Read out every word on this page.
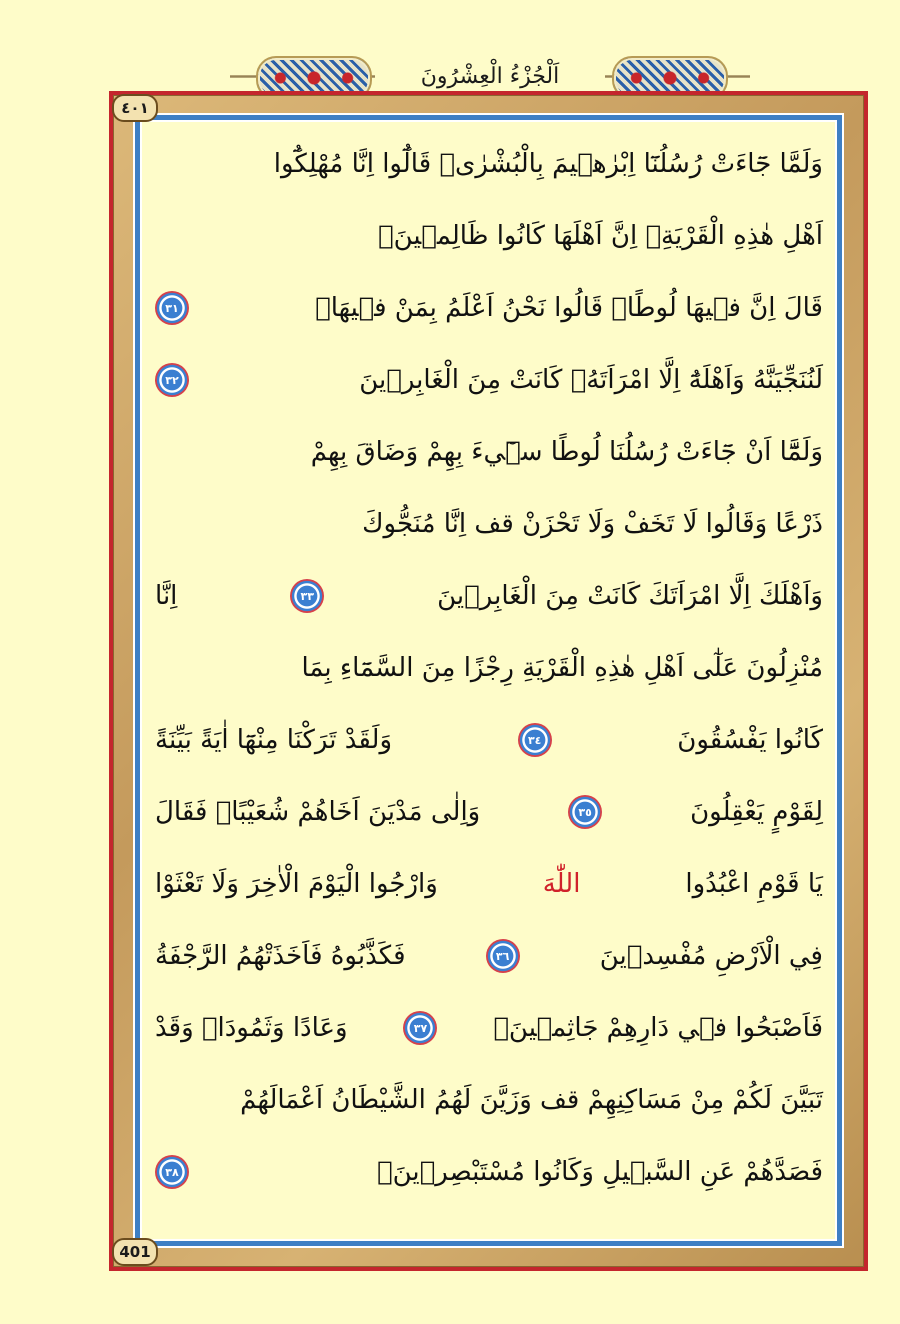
اَلْجُزْءُ الْعِشْرُونَ
٤٠١
401
وَلَمَّا جَٓاءَتْ رُسُلُنَٓا اِبْرٰهٖيمَ بِالْبُشْرٰىۙ قَالُٓوا اِنَّا مُهْلِكُٓوا
اَهْلِ هٰذِهِ الْقَرْيَةِۚ اِنَّ اَهْلَهَا كَانُوا ظَالِمٖينَۚ
قَالَ اِنَّ فٖيهَا لُوطًاۜ قَالُوا نَحْنُ اَعْلَمُ بِمَنْ فٖيهَاۘ
٣١
لَنُنَجِّيَنَّهُ وَاَهْلَهُٓ اِلَّا امْرَاَتَهُۘ كَانَتْ مِنَ الْغَابِرٖينَ
٣٢
وَلَمَّٓا اَنْ جَٓاءَتْ رُسُلُنَا لُوطًا سٖٓيءَ بِهِمْ وَضَاقَ بِهِمْ
ذَرْعًا وَقَالُوا لَا تَخَفْ وَلَا تَحْزَنْ قف اِنَّا مُنَجُّوكَ
وَاَهْلَكَ اِلَّا امْرَاَتَكَ كَانَتْ مِنَ الْغَابِرٖينَ
٣٣
اِنَّا
مُنْزِلُونَ عَلٰٓى اَهْلِ هٰذِهِ الْقَرْيَةِ رِجْزًا مِنَ السَّمَٓاءِ بِمَا
كَانُوا يَفْسُقُونَ
٣٤
وَلَقَدْ تَرَكْنَا مِنْهَٓا اٰيَةً بَيِّنَةً
لِقَوْمٍ يَعْقِلُونَ
٣٥
وَاِلٰى مَدْيَنَ اَخَاهُمْ شُعَيْبًاۙ فَقَالَ
يَا قَوْمِ اعْبُدُوا
اللّٰهَ
وَارْجُوا الْيَوْمَ الْاٰخِرَ وَلَا تَعْثَوْا
فِي الْاَرْضِ مُفْسِدٖينَ
٣٦
فَكَذَّبُوهُ فَاَخَذَتْهُمُ الرَّجْفَةُ
فَاَصْبَحُوا فٖي دَارِهِمْ جَاثِمٖينَۘ
٣٧
وَعَادًا وَثَمُودَا۬ وَقَدْ
تَبَيَّنَ لَكُمْ مِنْ مَسَاكِنِهِمْ قف وَزَيَّنَ لَهُمُ الشَّيْطَانُ اَعْمَالَهُمْ
فَصَدَّهُمْ عَنِ السَّبٖيلِ وَكَانُوا مُسْتَبْصِرٖينَۙ
٣٨
